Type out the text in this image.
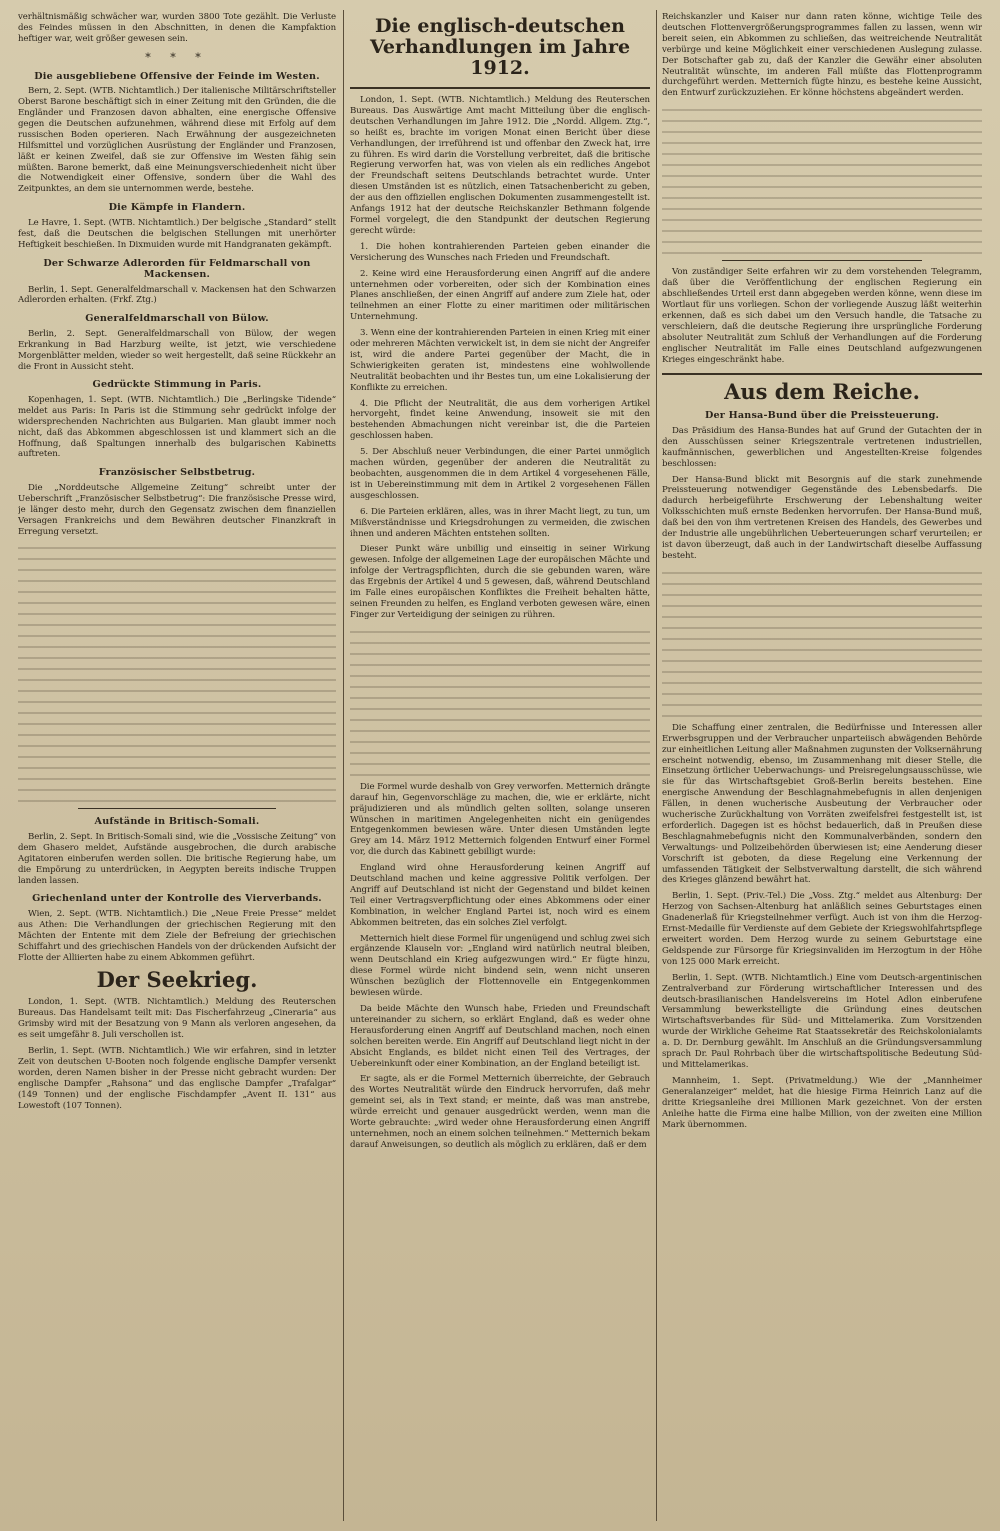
verhältnismäßig schwächer war, wurden 3800 Tote gezählt. Die Verluste des Feindes müssen in den Abschnitten, in denen die Kampfaktion heftiger war, weit größer gewesen sein.

* * *
Die ausgebliebene Offensive der Feinde im Westen.

Bern, 2. Sept. (WTB. Nichtamtlich.) Der italienische Militärschriftsteller Oberst Barone beschäftigt sich in einer Zeitung mit den Gründen, die die Engländer und Franzosen davon abhalten, eine energische Offensive gegen die Deutschen aufzunehmen, während diese mit Erfolg auf dem russischen Boden operieren. Nach Erwähnung der ausgezeichneten Hilfsmittel und vorzüglichen Ausrüstung der Engländer und Franzosen, läßt er keinen Zweifel, daß sie zur Offensive im Westen fähig sein müßten. Barone bemerkt, daß eine Meinungsverschiedenheit nicht über die Notwendigkeit einer Offensive, sondern über die Wahl des Zeitpunktes, an dem sie unternommen werde, bestehe.

Die Kämpfe in Flandern.

Le Havre, 1. Sept. (WTB. Nichtamtlich.) Der belgische „Standard“ stellt fest, daß die Deutschen die belgischen Stellungen mit unerhörter Heftigkeit beschießen. In Dixmuiden wurde mit Handgranaten gekämpft.

Der Schwarze Adlerorden für Feldmarschall von Mackensen.

Berlin, 1. Sept. Generalfeldmarschall v. Mackensen hat den Schwarzen Adlerorden erhalten. (Frkf. Ztg.)

Generalfeldmarschall von Bülow.

Berlin, 2. Sept. Generalfeldmarschall von Bülow, der wegen Erkrankung in Bad Harzburg weilte, ist jetzt, wie verschiedene Morgenblätter melden, wieder so weit hergestellt, daß seine Rückkehr an die Front in Aussicht steht.

Gedrückte Stimmung in Paris.

Kopenhagen, 1. Sept. (WTB. Nichtamtlich.) Die „Berlingske Tidende“ meldet aus Paris: In Paris ist die Stimmung sehr gedrückt infolge der widersprechenden Nachrichten aus Bulgarien. Man glaubt immer noch nicht, daß das Abkommen abgeschlossen ist und klammert sich an die Hoffnung, daß Spaltungen innerhalb des bulgarischen Kabinetts auftreten.

Französischer Selbstbetrug.

Die „Norddeutsche Allgemeine Zeitung“ schreibt unter der Ueberschrift „Französischer Selbstbetrug“: Die französische Presse wird, je länger desto mehr, durch den Gegensatz zwischen dem finanziellen Versagen Frankreichs und dem Bewähren deutscher Finanzkraft in Erregung versetzt.

Aufstände in Britisch-Somali.

Berlin, 2. Sept. In Britisch-Somali sind, wie die „Vossische Zeitung“ von dem Ghasero meldet, Aufstände ausgebrochen, die durch arabische Agitatoren einberufen werden sollen. Die britische Regierung habe, um die Empörung zu unterdrücken, in Aegypten bereits indische Truppen landen lassen.

Griechenland unter der Kontrolle des Vierverbands.

Wien, 2. Sept. (WTB. Nichtamtlich.) Die „Neue Freie Presse“ meldet aus Athen: Die Verhandlungen der griechischen Regierung mit den Mächten der Entente mit dem Ziele der Befreiung der griechischen Schiffahrt und des griechischen Handels von der drückenden Aufsicht der Flotte der Alliierten habe zu einem Abkommen geführt.

Der Seekrieg.

London, 1. Sept. (WTB. Nichtamtlich.) Meldung des Reuterschen Bureaus. Das Handelsamt teilt mit: Das Fischerfahrzeug „Cineraria“ aus Grimsby wird mit der Besatzung von 9 Mann als verloren angesehen, da es seit umgefähr 8. Juli verschollen ist.

Berlin, 1. Sept. (WTB. Nichtamtlich.) Wie wir erfahren, sind in letzter Zeit von deutschen U-Booten noch folgende englische Dampfer versenkt worden, deren Namen bisher in der Presse nicht gebracht wurden: Der englische Dampfer „Rahsona“ und das englische Dampfer „Trafalgar“ (149 Tonnen) und der englische Fischdampfer „Avent II. 131“ aus Lowestoft (107 Tonnen).

Die englisch-deutschen Verhandlungen im Jahre 1912.

London, 1. Sept. (WTB. Nichtamtlich.) Meldung des Reuterschen Bureaus. Das Auswärtige Amt macht Mitteilung über die englisch-deutschen Verhandlungen im Jahre 1912. Die „Nordd. Allgem. Ztg.“, so heißt es, brachte im vorigen Monat einen Bericht über diese Verhandlungen, der irreführend ist und offenbar den Zweck hat, irre zu führen. Es wird darin die Vorstellung verbreitet, daß die britische Regierung verworfen hat, was von vielen als ein redliches Angebot der Freundschaft seitens Deutschlands betrachtet wurde. Unter diesen Umständen ist es nützlich, einen Tatsachenbericht zu geben, der aus den offiziellen englischen Dokumenten zusammengestellt ist. Anfangs 1912 hat der deutsche Reichskanzler Bethmann folgende Formel vorgelegt, die den Standpunkt der deutschen Regierung gerecht würde:

1. Die hohen kontrahierenden Parteien geben einander die Versicherung des Wunsches nach Frieden und Freundschaft.

2. Keine wird eine Herausforderung einen Angriff auf die andere unternehmen oder vorbereiten, oder sich der Kombination eines Planes anschließen, der einen Angriff auf andere zum Ziele hat, oder teilnehmen an einer Flotte zu einer maritimen oder militärischen Unternehmung.

3. Wenn eine der kontrahierenden Parteien in einen Krieg mit einer oder mehreren Mächten verwickelt ist, in dem sie nicht der Angreifer ist, wird die andere Partei gegenüber der Macht, die in Schwierigkeiten geraten ist, mindestens eine wohlwollende Neutralität beobachten und ihr Bestes tun, um eine Lokalisierung der Konflikte zu erreichen.

4. Die Pflicht der Neutralität, die aus dem vorherigen Artikel hervorgeht, findet keine Anwendung, insoweit sie mit den bestehenden Abmachungen nicht vereinbar ist, die die Parteien geschlossen haben.

5. Der Abschluß neuer Verbindungen, die einer Partei unmöglich machen würden, gegenüber der anderen die Neutralität zu beobachten, ausgenommen die in dem Artikel 4 vorgesehenen Fälle, ist in Uebereinstimmung mit dem in Artikel 2 vorgesehenen Fällen ausgeschlossen.

6. Die Parteien erklären, alles, was in ihrer Macht liegt, zu tun, um Mißverständnisse und Kriegsdrohungen zu vermeiden, die zwischen ihnen und anderen Mächten entstehen sollten.

Dieser Punkt wäre unbillig und einseitig in seiner Wirkung gewesen. Infolge der allgemeinen Lage der europäischen Mächte und infolge der Vertragspflichten, durch die sie gebunden waren, wäre das Ergebnis der Artikel 4 und 5 gewesen, daß, während Deutschland im Falle eines europäischen Konfliktes die Freiheit behalten hätte, seinen Freunden zu helfen, es England verboten gewesen wäre, einen Finger zur Verteidigung der seinigen zu rühren.

Die Formel wurde deshalb von Grey verworfen. Metternich drängte darauf hin, Gegenvorschläge zu machen, die, wie er erklärte, nicht präjudizieren und als mündlich gelten sollten, solange unseren Wünschen in maritimen Angelegenheiten nicht ein genügendes Entgegenkommen bewiesen wäre. Unter diesen Umständen legte Grey am 14. März 1912 Metternich folgenden Entwurf einer Formel vor, die durch das Kabinett gebilligt wurde:

England wird ohne Herausforderung keinen Angriff auf Deutschland machen und keine aggressive Politik verfolgen. Der Angriff auf Deutschland ist nicht der Gegenstand und bildet keinen Teil einer Vertragsverpflichtung oder eines Abkommens oder einer Kombination, in welcher England Partei ist, noch wird es einem Abkommen beitreten, das ein solches Ziel verfolgt.

Metternich hielt diese Formel für ungenügend und schlug zwei sich ergänzende Klauseln vor: „England wird natürlich neutral bleiben, wenn Deutschland ein Krieg aufgezwungen wird.“ Er fügte hinzu, diese Formel würde nicht bindend sein, wenn nicht unseren Wünschen bezüglich der Flottennovelle ein Entgegenkommen bewiesen würde.

Da beide Mächte den Wunsch habe, Frieden und Freundschaft untereinander zu sichern, so erklärt England, daß es weder ohne Herausforderung einen Angriff auf Deutschland machen, noch einen solchen bereiten werde. Ein Angriff auf Deutschland liegt nicht in der Absicht Englands, es bildet nicht einen Teil des Vertrages, der Uebereinkunft oder einer Kombination, an der England beteiligt ist.

Er sagte, als er die Formel Metternich überreichte, der Gebrauch des Wortes Neutralität würde den Eindruck hervorrufen, daß mehr gemeint sei, als in Text stand; er meinte, daß was man anstrebe, würde erreicht und genauer ausgedrückt werden, wenn man die Worte gebrauchte: „wird weder ohne Herausforderung einen Angriff unternehmen, noch an einem solchen teilnehmen.“ Metternich bekam darauf Anweisungen, so deutlich als möglich zu erklären, daß er dem

Reichskanzler und Kaiser nur dann raten könne, wichtige Teile des deutschen Flottenvergrößerungsprogrammes fallen zu lassen, wenn wir bereit seien, ein Abkommen zu schließen, das weitreichende Neutralität verbürge und keine Möglichkeit einer verschiedenen Auslegung zulasse. Der Botschafter gab zu, daß der Kanzler die Gewähr einer absoluten Neutralität wünschte, im anderen Fall müßte das Flottenprogramm durchgeführt werden. Metternich fügte hinzu, es bestehe keine Aussicht, den Entwurf zurückzuziehen. Er könne höchstens abgeändert werden.

Von zuständiger Seite erfahren wir zu dem vorstehenden Telegramm, daß über die Veröffentlichung der englischen Regierung ein abschließendes Urteil erst dann abgegeben werden könne, wenn diese im Wortlaut für uns vorliegen. Schon der vorliegende Auszug läßt weiterhin erkennen, daß es sich dabei um den Versuch handle, die Tatsache zu verschleiern, daß die deutsche Regierung ihre ursprüngliche Forderung absoluter Neutralität zum Schluß der Verhandlungen auf die Forderung englischer Neutralität im Falle eines Deutschland aufgezwungenen Krieges eingeschränkt habe.

Aus dem Reiche.
Der Hansa-Bund über die Preissteuerung.

Das Präsidium des Hansa-Bundes hat auf Grund der Gutachten der in den Ausschüssen seiner Kriegszentrale vertretenen industriellen, kaufmännischen, gewerblichen und Angestellten-Kreise folgendes beschlossen:

Der Hansa-Bund blickt mit Besorgnis auf die stark zunehmende Preissteuerung notwendiger Gegenstände des Lebensbedarfs. Die dadurch herbeigeführte Erschwerung der Lebenshaltung weiter Volksschichten muß ernste Bedenken hervorrufen. Der Hansa-Bund muß, daß bei den von ihm vertretenen Kreisen des Handels, des Gewerbes und der Industrie alle ungebührlichen Ueberteuerungen scharf verurteilen; er ist davon überzeugt, daß auch in der Landwirtschaft dieselbe Auffassung besteht.

Die Schaffung einer zentralen, die Bedürfnisse und Interessen aller Erwerbsgruppen und der Verbraucher unparteiisch abwägenden Behörde zur einheitlichen Leitung aller Maßnahmen zugunsten der Volksernährung erscheint notwendig, ebenso, im Zusammenhang mit dieser Stelle, die Einsetzung örtlicher Ueberwachungs- und Preisregelungsausschüsse, wie sie für das Wirtschaftsgebiet Groß-Berlin bereits bestehen. Eine energische Anwendung der Beschlagnahmebefugnis in allen denjenigen Fällen, in denen wucherische Ausbeutung der Verbraucher oder wucherische Zurückhaltung von Vorräten zweifelsfrei festgestellt ist, ist erforderlich. Dagegen ist es höchst bedauerlich, daß in Preußen diese Beschlagnahmebefugnis nicht den Kommunalverbänden, sondern den Verwaltungs- und Polizeibehörden überwiesen ist; eine Aenderung dieser Vorschrift ist geboten, da diese Regelung eine Verkennung der umfassenden Tätigkeit der Selbstverwaltung darstellt, die sich während des Krieges glänzend bewährt hat.

Berlin, 1. Sept. (Priv.-Tel.) Die „Voss. Ztg.“ meldet aus Altenburg: Der Herzog von Sachsen-Altenburg hat anläßlich seines Geburtstages einen Gnadenerlaß für Kriegsteilnehmer verfügt. Auch ist von ihm die Herzog-Ernst-Medaille für Verdienste auf dem Gebiete der Kriegswohlfahrtspflege erweitert worden. Dem Herzog wurde zu seinem Geburtstage eine Geldspende zur Fürsorge für Kriegsinvaliden im Herzogtum in der Höhe von 125 000 Mark erreicht.

Berlin, 1. Sept. (WTB. Nichtamtlich.) Eine vom Deutsch-argentinischen Zentralverband zur Förderung wirtschaftlicher Interessen und des deutsch-brasilianischen Handelsvereins im Hotel Adlon einberufene Versammlung bewerkstelligte die Gründung eines deutschen Wirtschaftsverbandes für Süd- und Mittelamerika. Zum Vorsitzenden wurde der Wirkliche Geheime Rat Staatssekretär des Reichskolonialamts a. D. Dr. Dernburg gewählt. Im Anschluß an die Gründungsversammlung sprach Dr. Paul Rohrbach über die wirtschaftspolitische Bedeutung Süd- und Mittelamerikas.

Mannheim, 1. Sept. (Privatmeldung.) Wie der „Mannheimer Generalanzeiger“ meldet, hat die hiesige Firma Heinrich Lanz auf die dritte Kriegsanleihe drei Millionen Mark gezeichnet. Von der ersten Anleihe hatte die Firma eine halbe Million, von der zweiten eine Million Mark übernommen.
